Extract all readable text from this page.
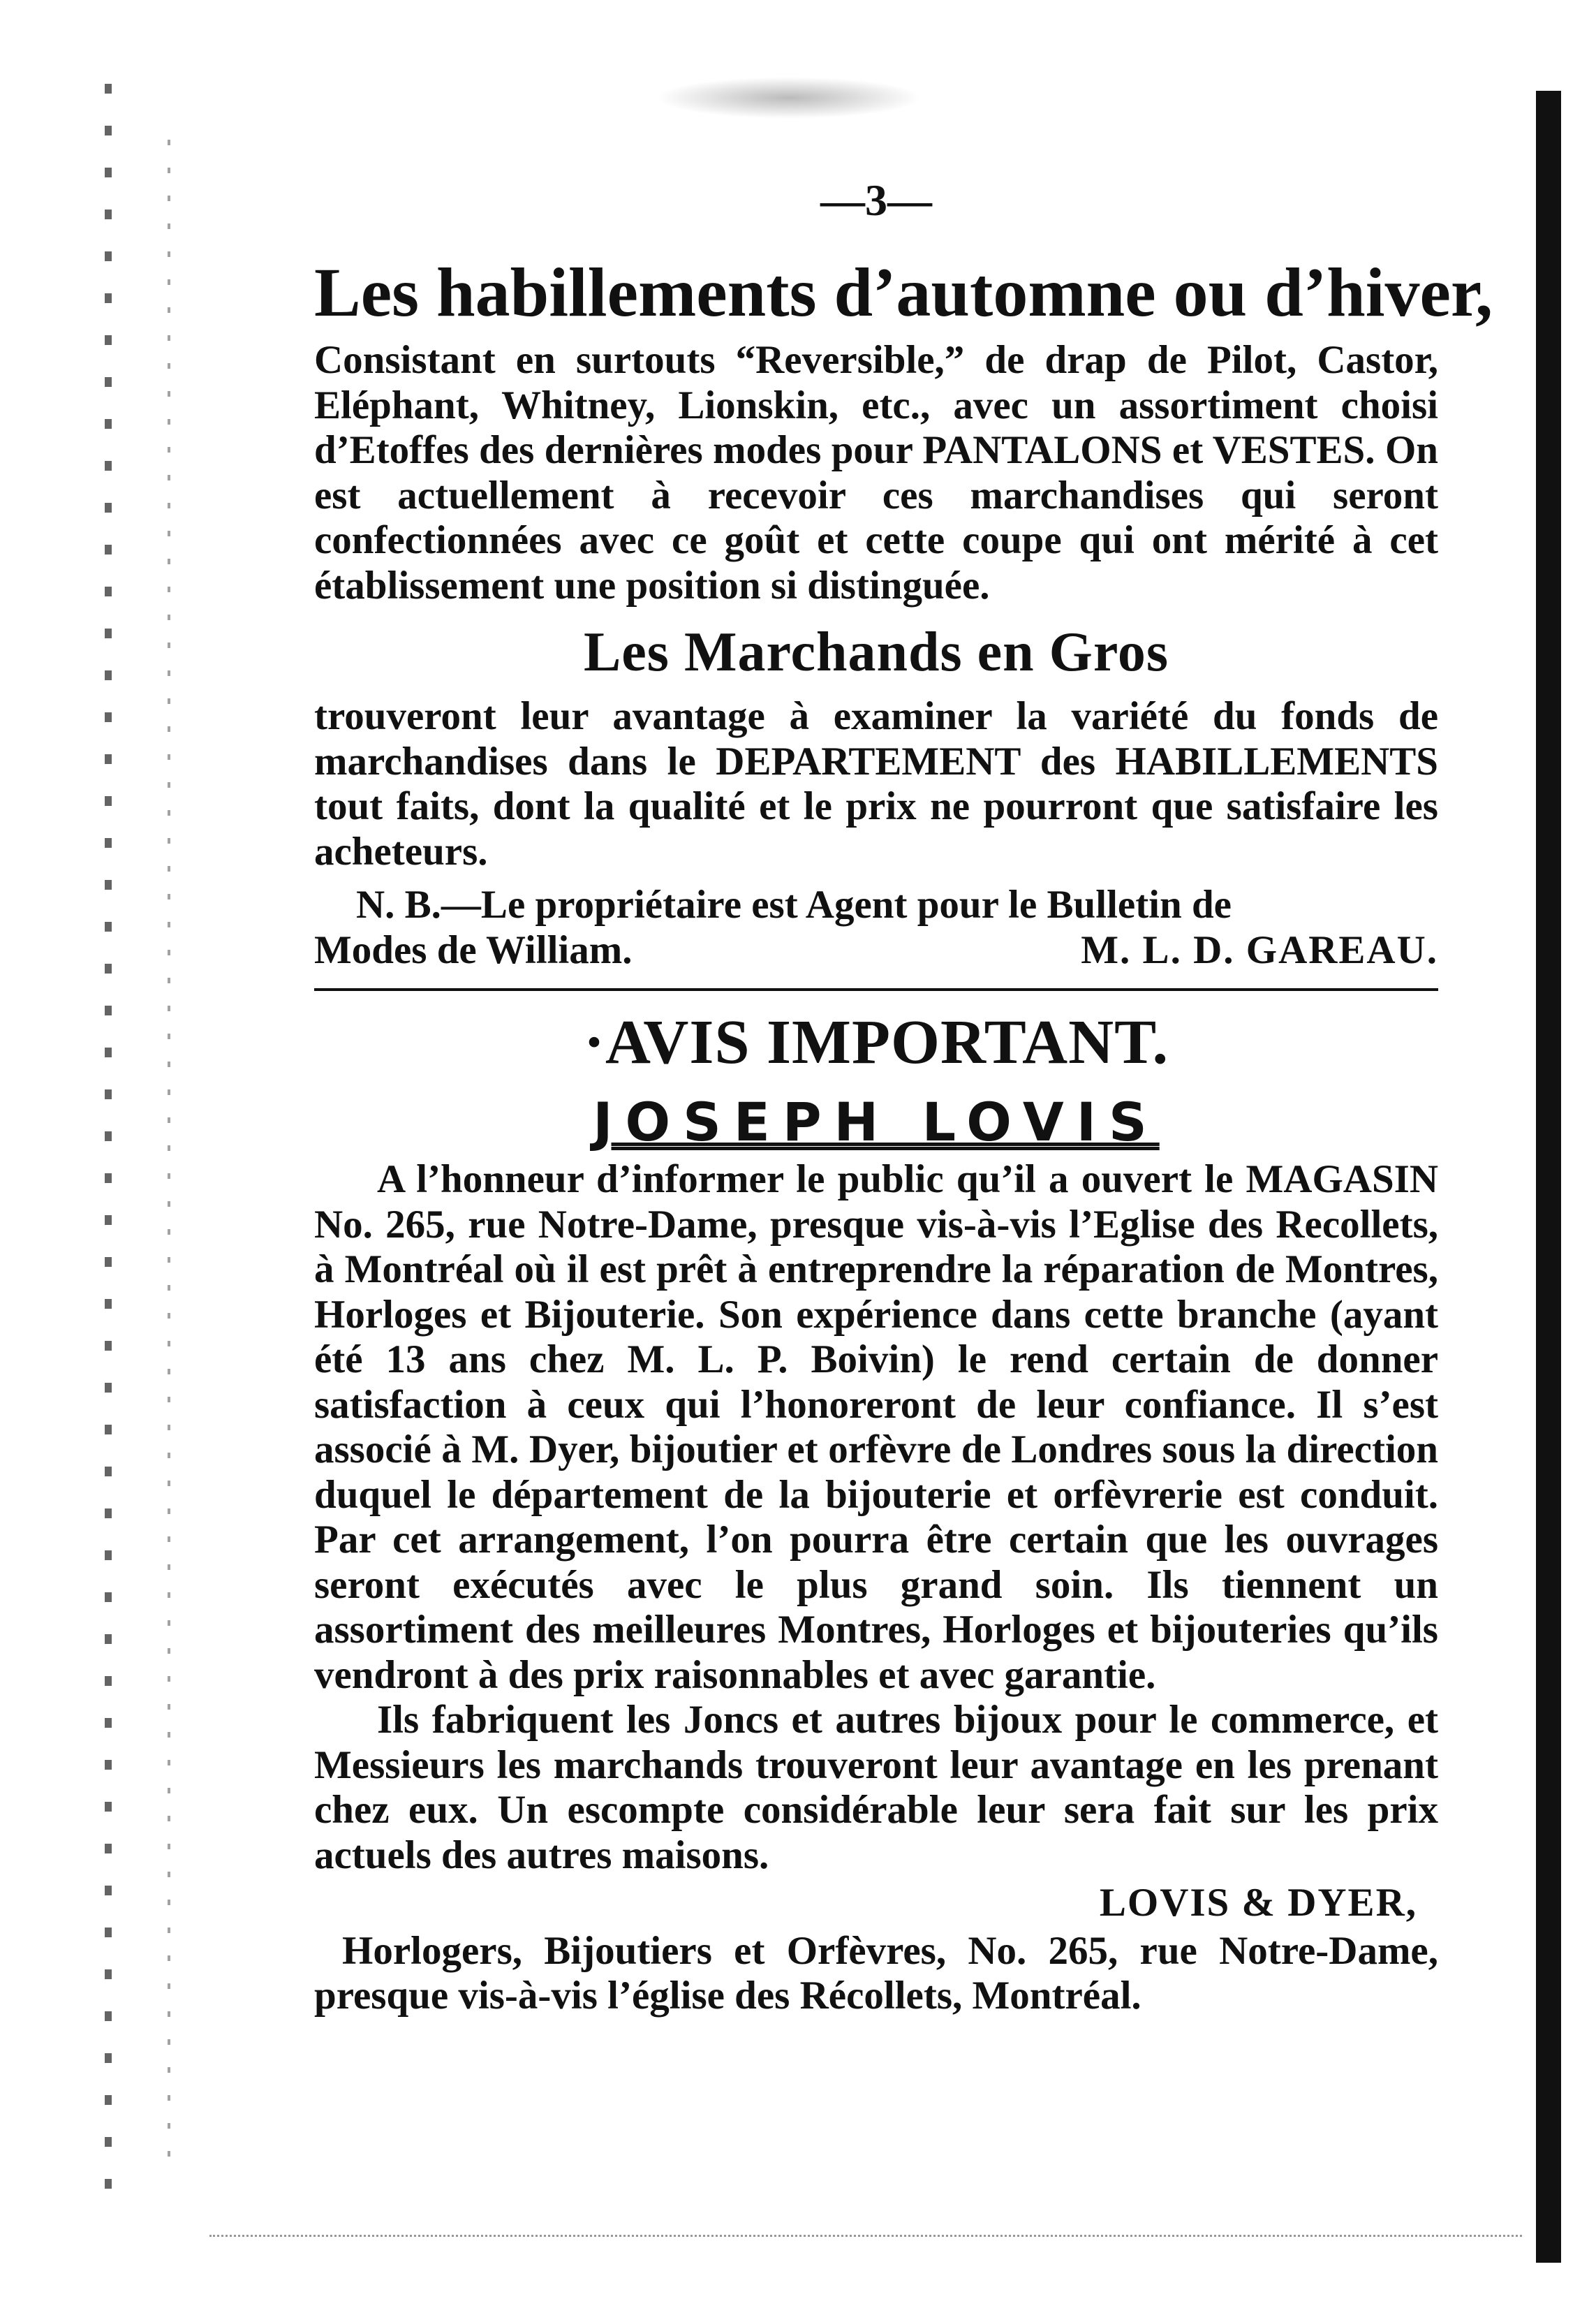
—3—
Les habillements d’automne ou d’hiver,

Consistant en surtouts “Reversible,” de drap de Pilot, Castor, Eléphant, Whitney, Lionskin, etc., avec un assortiment choisi d’Etoffes des dernières modes pour PANTALONS et VESTES. On est actuellement à recevoir ces marchandises qui seront confectionnées avec ce goût et cette coupe qui ont mérité à cet établissement une position si distinguée.

Les Marchands en Gros

trouveront leur avantage à examiner la variété du fonds de marchandises dans le DEPARTEMENT des HABILLEMENTS tout faits, dont la qualité et le prix ne pourront que satisfaire les acheteurs.

N. B.—Le propriétaire est Agent pour le Bulletin de

Modes de William.	M. L. D. GAREAU.
·AVIS IMPORTANT.
JOSEPH LOVIS

A l’honneur d’informer le public qu’il a ouvert le MAGASIN No. 265, rue Notre-Dame, presque vis-à-vis l’Eglise des Recollets, à Montréal où il est prêt à entreprendre la réparation de Montres, Horloges et Bijouterie. Son expérience dans cette branche (ayant été 13 ans chez M. L. P. Boivin) le rend certain de donner satisfaction à ceux qui l’honoreront de leur confiance. Il s’est associé à M. Dyer, bijoutier et orfèvre de Londres sous la direction duquel le département de la bijouterie et orfèvrerie est conduit. Par cet arrangement, l’on pourra être certain que les ouvrages seront exécutés avec le plus grand soin. Ils tiennent un assortiment des meilleures Montres, Horloges et bijouteries qu’ils vendront à des prix raisonnables et avec garantie.

Ils fabriquent les Joncs et autres bijoux pour le commerce, et Messieurs les marchands trouveront leur avantage en les prenant chez eux. Un escompte considérable leur sera fait sur les prix actuels des autres maisons.

LOVIS & DYER,

Horlogers, Bijoutiers et Orfèvres, No. 265, rue Notre-Dame, presque vis-à-vis l’église des Récollets, Montréal.
